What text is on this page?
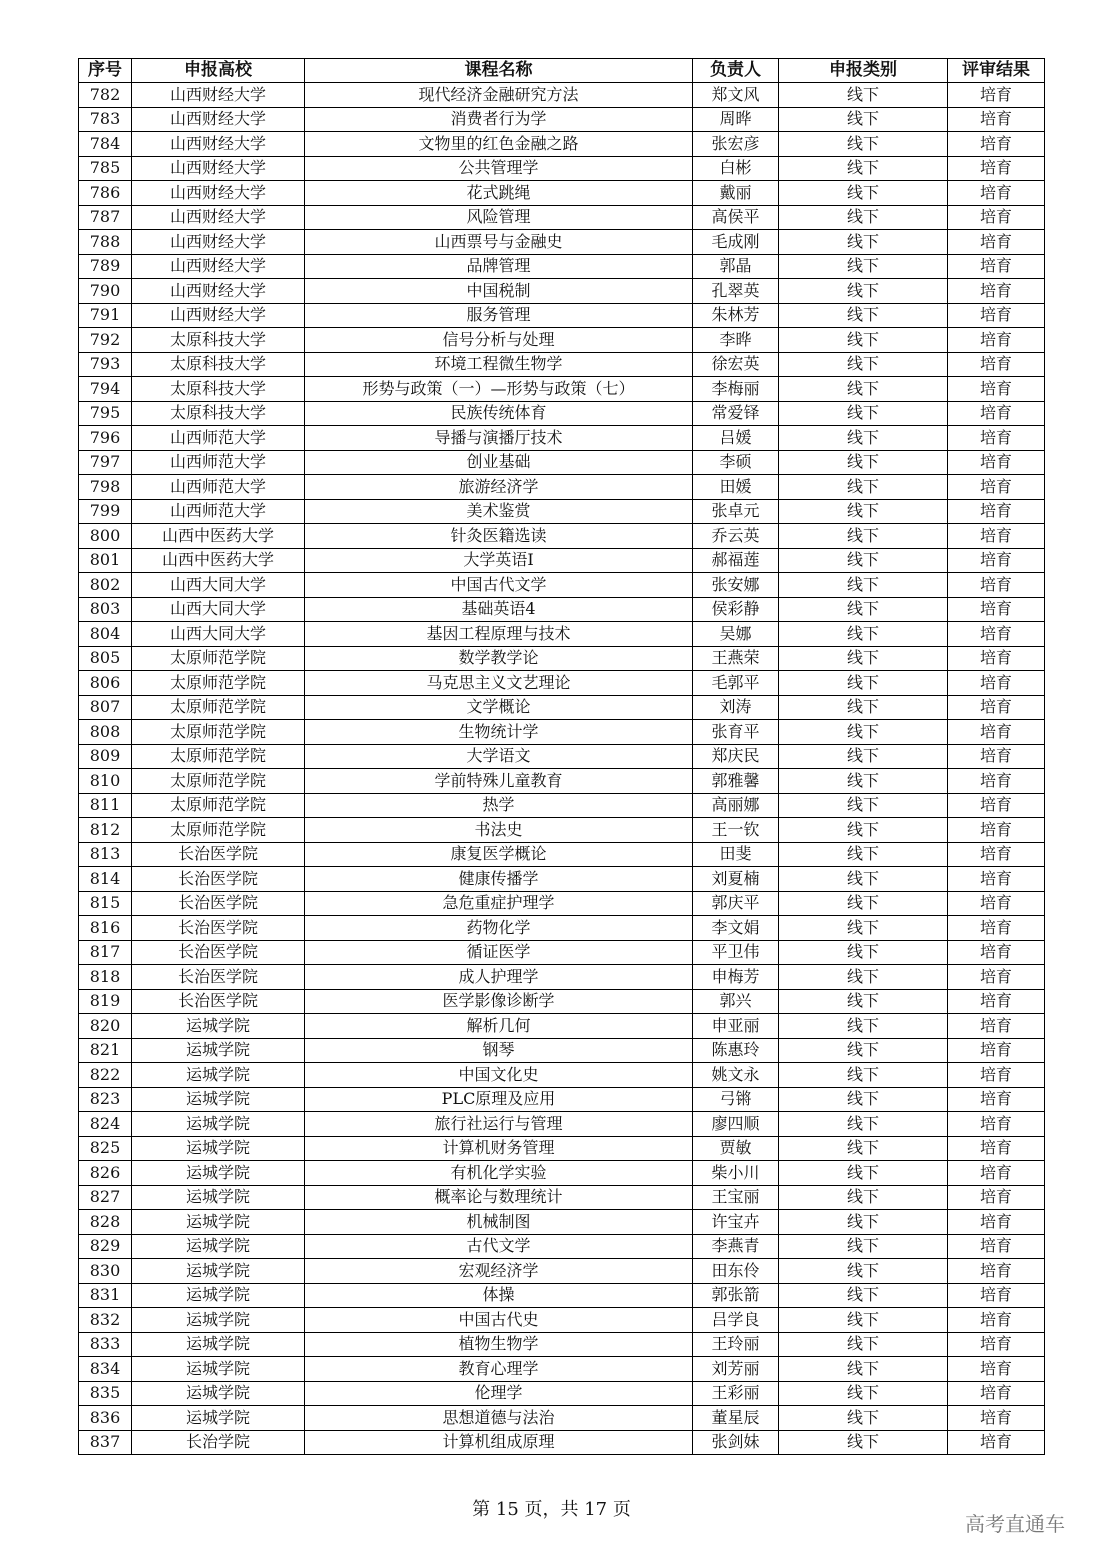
序号	申报高校	课程名称	负责人	申报类别	评审结果
782	山西财经大学	现代经济金融研究方法	郑文风	线下	培育
783	山西财经大学	消费者行为学	周晔	线下	培育
784	山西财经大学	文物里的红色金融之路	张宏彦	线下	培育
785	山西财经大学	公共管理学	白彬	线下	培育
786	山西财经大学	花式跳绳	戴丽	线下	培育
787	山西财经大学	风险管理	高侯平	线下	培育
788	山西财经大学	山西票号与金融史	毛成刚	线下	培育
789	山西财经大学	品牌管理	郭晶	线下	培育
790	山西财经大学	中国税制	孔翠英	线下	培育
791	山西财经大学	服务管理	朱林芳	线下	培育
792	太原科技大学	信号分析与处理	李晔	线下	培育
793	太原科技大学	环境工程微生物学	徐宏英	线下	培育
794	太原科技大学	形势与政策（一）—形势与政策（七）	李梅丽	线下	培育
795	太原科技大学	民族传统体育	常爱铎	线下	培育
796	山西师范大学	导播与演播厅技术	吕媛	线下	培育
797	山西师范大学	创业基础	李硕	线下	培育
798	山西师范大学	旅游经济学	田媛	线下	培育
799	山西师范大学	美术鉴赏	张卓元	线下	培育
800	山西中医药大学	针灸医籍选读	乔云英	线下	培育
801	山西中医药大学	大学英语I	郝福莲	线下	培育
802	山西大同大学	中国古代文学	张安娜	线下	培育
803	山西大同大学	基础英语4	侯彩静	线下	培育
804	山西大同大学	基因工程原理与技术	吴娜	线下	培育
805	太原师范学院	数学教学论	王燕荣	线下	培育
806	太原师范学院	马克思主义文艺理论	毛郭平	线下	培育
807	太原师范学院	文学概论	刘涛	线下	培育
808	太原师范学院	生物统计学	张育平	线下	培育
809	太原师范学院	大学语文	郑庆民	线下	培育
810	太原师范学院	学前特殊儿童教育	郭雅馨	线下	培育
811	太原师范学院	热学	高丽娜	线下	培育
812	太原师范学院	书法史	王一钦	线下	培育
813	长治医学院	康复医学概论	田斐	线下	培育
814	长治医学院	健康传播学	刘夏楠	线下	培育
815	长治医学院	急危重症护理学	郭庆平	线下	培育
816	长治医学院	药物化学	李文娟	线下	培育
817	长治医学院	循证医学	平卫伟	线下	培育
818	长治医学院	成人护理学	申梅芳	线下	培育
819	长治医学院	医学影像诊断学	郭兴	线下	培育
820	运城学院	解析几何	申亚丽	线下	培育
821	运城学院	钢琴	陈惠玲	线下	培育
822	运城学院	中国文化史	姚文永	线下	培育
823	运城学院	PLC原理及应用	弓锵	线下	培育
824	运城学院	旅行社运行与管理	廖四顺	线下	培育
825	运城学院	计算机财务管理	贾敏	线下	培育
826	运城学院	有机化学实验	柴小川	线下	培育
827	运城学院	概率论与数理统计	王宝丽	线下	培育
828	运城学院	机械制图	许宝卉	线下	培育
829	运城学院	古代文学	李燕青	线下	培育
830	运城学院	宏观经济学	田东伶	线下	培育
831	运城学院	体操	郭张箭	线下	培育
832	运城学院	中国古代史	吕学良	线下	培育
833	运城学院	植物生物学	王玲丽	线下	培育
834	运城学院	教育心理学	刘芳丽	线下	培育
835	运城学院	伦理学	王彩丽	线下	培育
836	运城学院	思想道德与法治	董星辰	线下	培育
837	长治学院	计算机组成原理	张剑妹	线下	培育
第 15 页，共 17 页
高考直通车
